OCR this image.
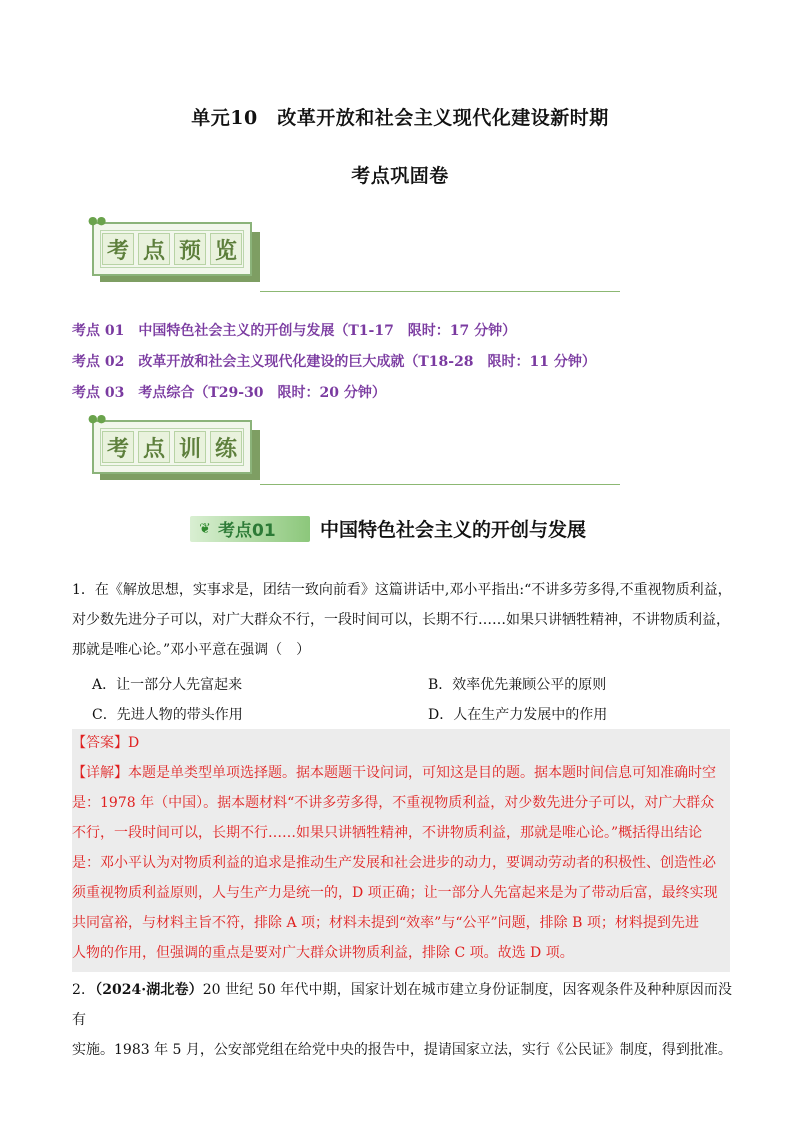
单元10　改革开放和社会主义现代化建设新时期
考点巩固卷
考 点 预 览
●●
考点 01　中国特色社会主义的开创与发展（T1-17　限时：17 分钟）
考点 02　改革开放和社会主义现代化建设的巨大成就（T18-28　限时：11 分钟）
考点 03　考点综合（T29-30　限时：20 分钟）
考 点 训 练
●●
❦ 考点01 中国特色社会主义的开创与发展
1．在《解放思想，实事求是，团结一致向前看》这篇讲话中,邓小平指出:“不讲多劳多得,不重视物质利益，
对少数先进分子可以，对广大群众不行，一段时间可以，长期不行……如果只讲牺牲精神，不讲物质利益，
那就是唯心论。”邓小平意在强调（　）
A．让一部分人先富起来	B．效率优先兼顾公平的原则
C．先进人物的带头作用	D．人在生产力发展中的作用
【答案】D
【详解】本题是单类型单项选择题。据本题题干设问词，可知这是目的题。据本题时间信息可知准确时空
是：1978 年（中国）。据本题材料“不讲多劳多得，不重视物质利益，对少数先进分子可以，对广大群众
不行，一段时间可以，长期不行……如果只讲牺牲精神，不讲物质利益，那就是唯心论。”概括得出结论
是：邓小平认为对物质利益的追求是推动生产发展和社会进步的动力，要调动劳动者的积极性、创造性必
须重视物质利益原则，人与生产力是统一的，D 项正确；让一部分人先富起来是为了带动后富，最终实现
共同富裕，与材料主旨不符，排除 A 项；材料未提到“效率”与“公平”问题，排除 B 项；材料提到先进
人物的作用，但强调的重点是要对广大群众讲物质利益，排除 C 项。故选 D 项。
2．（2024·湖北卷）20 世纪 50 年代中期，国家计划在城市建立身份证制度，因客观条件及种种原因而没有
实施。1983 年 5 月，公安部党组在给党中央的报告中，提请国家立法，实行《公民证》制度，得到批准。
